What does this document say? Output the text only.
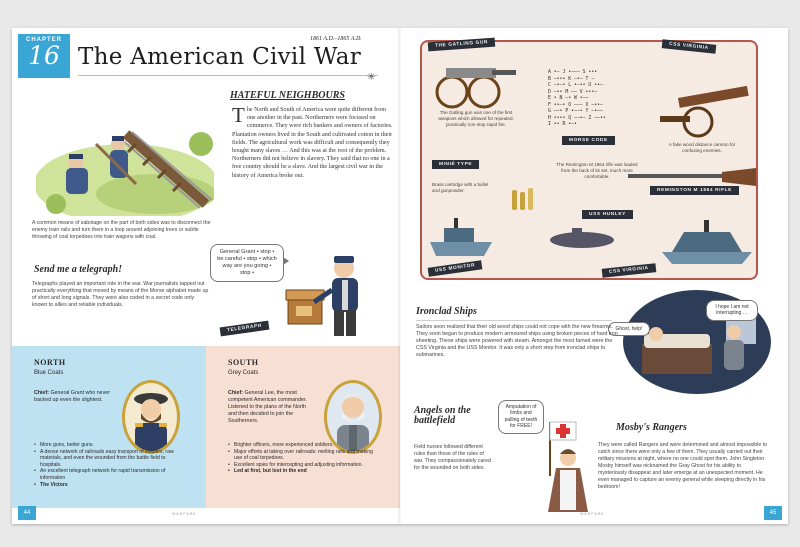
CHAPTER
16
1861 A.D.–1865 A.D.
The American Civil War
✳
HATEFUL NEIGHBOURS

The North and South of America were quite different from one another in the past. Northerners were focused on commerce. They were rich bankers and owners of factories. Plantation owners lived in the South and cultivated cotton in their fields. The agricultural work was difficult and consequently they bought many slaves … And this was at the root of the problem. Northerners did not believe in slavery. They said that no one in a free country should be a slave. And the largest civil war in the history of America broke out.

A common means of sabotage on the part of both sides was to disconnect the enemy train rails and turn them in a loop around adjoining trees or subtle throwing of coal torpedoes into train wagons with coal.

General Grant • stop • be careful • stop • which way are you going • stop •
Send me a telegraph!

Telegraphs played an important role in the war. War journalists tapped out practically everything that moved by means of the Morse alphabet made up of short and long signals. They were also coded in a secret code only known to allies and reliable individuals.

TELEGRAPH
NORTH
Blue Coats
Chief: General Grant who never backed up even the slightest.
• More guns, better guns.
• A dense network of railroads easy transport of soldiers, raw materials, and even the wounded from the battle field to hospitals.
• An excellent telegraph network for rapid transmission of information
• The Victors
SOUTH
Grey Coats
Chief: General Lee, the most competent American commander. Listened to the plans of the North and then decided to join the Southerners.
• Brighter officers, more experienced soldiers.
• Major efforts at taking over railroads: melting rails and making use of coal torpedoes.
• Excellent spies for intercepting and adjusting information.
• Led at first, but lost in the end
44	WARFARE
THE GATLING GUN	CSS VIRGINIA
The Gatling gun was one of the first weapons which allowed for repeated, practically non-stop rapid fire.
A •– J •––– S •••
B –••• K –•– T –
C –•–• L •–•• U ••–
D –•• M –– V •••–
E • N –• W •––
F ••–• O ––– X –••–
G ––• P •––• Y –•––
H •••• Q ––•– Z ––••
I •• R •–•
MORSE CODE
A fake wood distance cannon for confusing enemies.
MINIÉ TYPE
Brass cartridge with a bullet and gunpowder.
The Remington M 1864 rifle was loaded from the back of its set, much more comfortable.
REMINGTON M 1864 RIFLE
USS HUNLEY
USS MONITOR	CSS VIRGINIA
Ghost, help!
I hope I am not interrupting …
Ironclad Ships

Sailors soon realized that their old wood ships could not cope with the new firearms. They soon began to produce modern armoured ships using broken pieces of hard iron sheeting. These ships were powered with steam. Amongst the most famed were the CSS Virginia and the USS Monitor. It was only a short step from ironclad ships to submarines.

Angels on the battlefield

Field nurses followed different rules than those of the rules of war. They compassionately cared for the wounded on both sides.

Amputation of limbs and pulling of teeth for FREE!	Mosby's Rangers

They were called Rangers and were determined and almost impossible to catch since there were only a few of them. They usually carried out their military missions at night, where no one could spot them. John Singleton Mosby himself was nicknamed the Gray Ghost for his ability to mysteriously disappear and later emerge at an unexpected moment. He even managed to capture an enemy general while sleeping directly in his bedroom!

45
WARFARE
